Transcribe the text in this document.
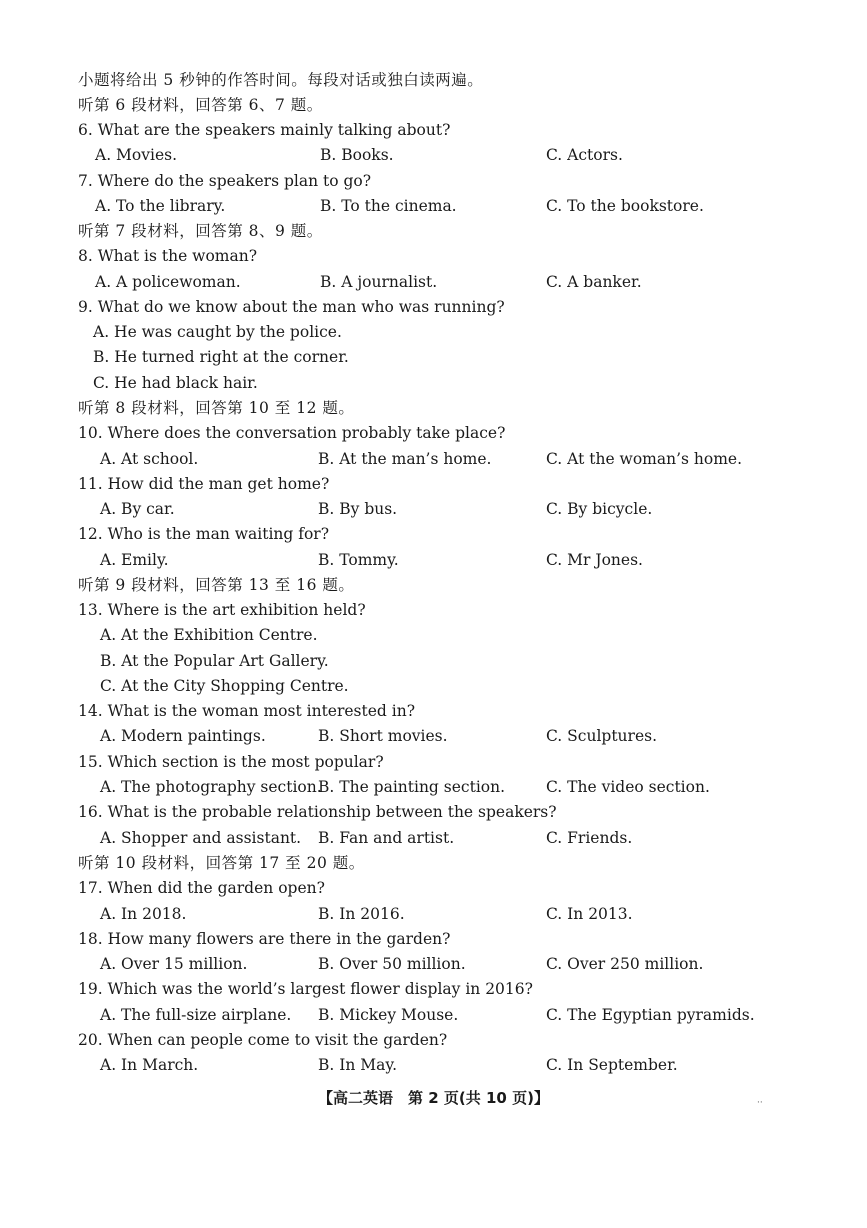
小题将给出 5 秒钟的作答时间。每段对话或独白读两遍。
听第 6 段材料，回答第 6、7 题。
6. What are the speakers mainly talking about?
A. Movies.	B. Books.	C. Actors.
7. Where do the speakers plan to go?
A. To the library.	B. To the cinema.	C. To the bookstore.
听第 7 段材料，回答第 8、9 题。
8. What is the woman?
A. A policewoman.	B. A journalist.	C. A banker.
9. What do we know about the man who was running?
A. He was caught by the police.
B. He turned right at the corner.
C. He had black hair.
听第 8 段材料，回答第 10 至 12 题。
10. Where does the conversation probably take place?
A. At school.	B. At the man’s home.	C. At the woman’s home.
11. How did the man get home?
A. By car.	B. By bus.	C. By bicycle.
12. Who is the man waiting for?
A. Emily.	B. Tommy.	C. Mr Jones.
听第 9 段材料，回答第 13 至 16 题。
13. Where is the art exhibition held?
A. At the Exhibition Centre.
B. At the Popular Art Gallery.
C. At the City Shopping Centre.
14. What is the woman most interested in?
A. Modern paintings.	B. Short movies.	C. Sculptures.
15. Which section is the most popular?
A. The photography section.
B. The painting section.	C. The video section.
16. What is the probable relationship between the speakers?
A. Shopper and assistant. B. Fan and artist.	C. Friends.
听第 10 段材料，回答第 17 至 20 题。
17. When did the garden open?
A. In 2018.	B. In 2016.	C. In 2013.
18. How many flowers are there in the garden?
A. Over 15 million.	B. Over 50 million.	C. Over 250 million.
19. Which was the world’s largest flower display in 2016?
A. The full-size airplane. B. Mickey Mouse.	C. The Egyptian pyramids.
20. When can people come to visit the garden?
A. In March.	B. In May.	C. In September.
【高二英语　第 2 页(共 10 页)】	··
